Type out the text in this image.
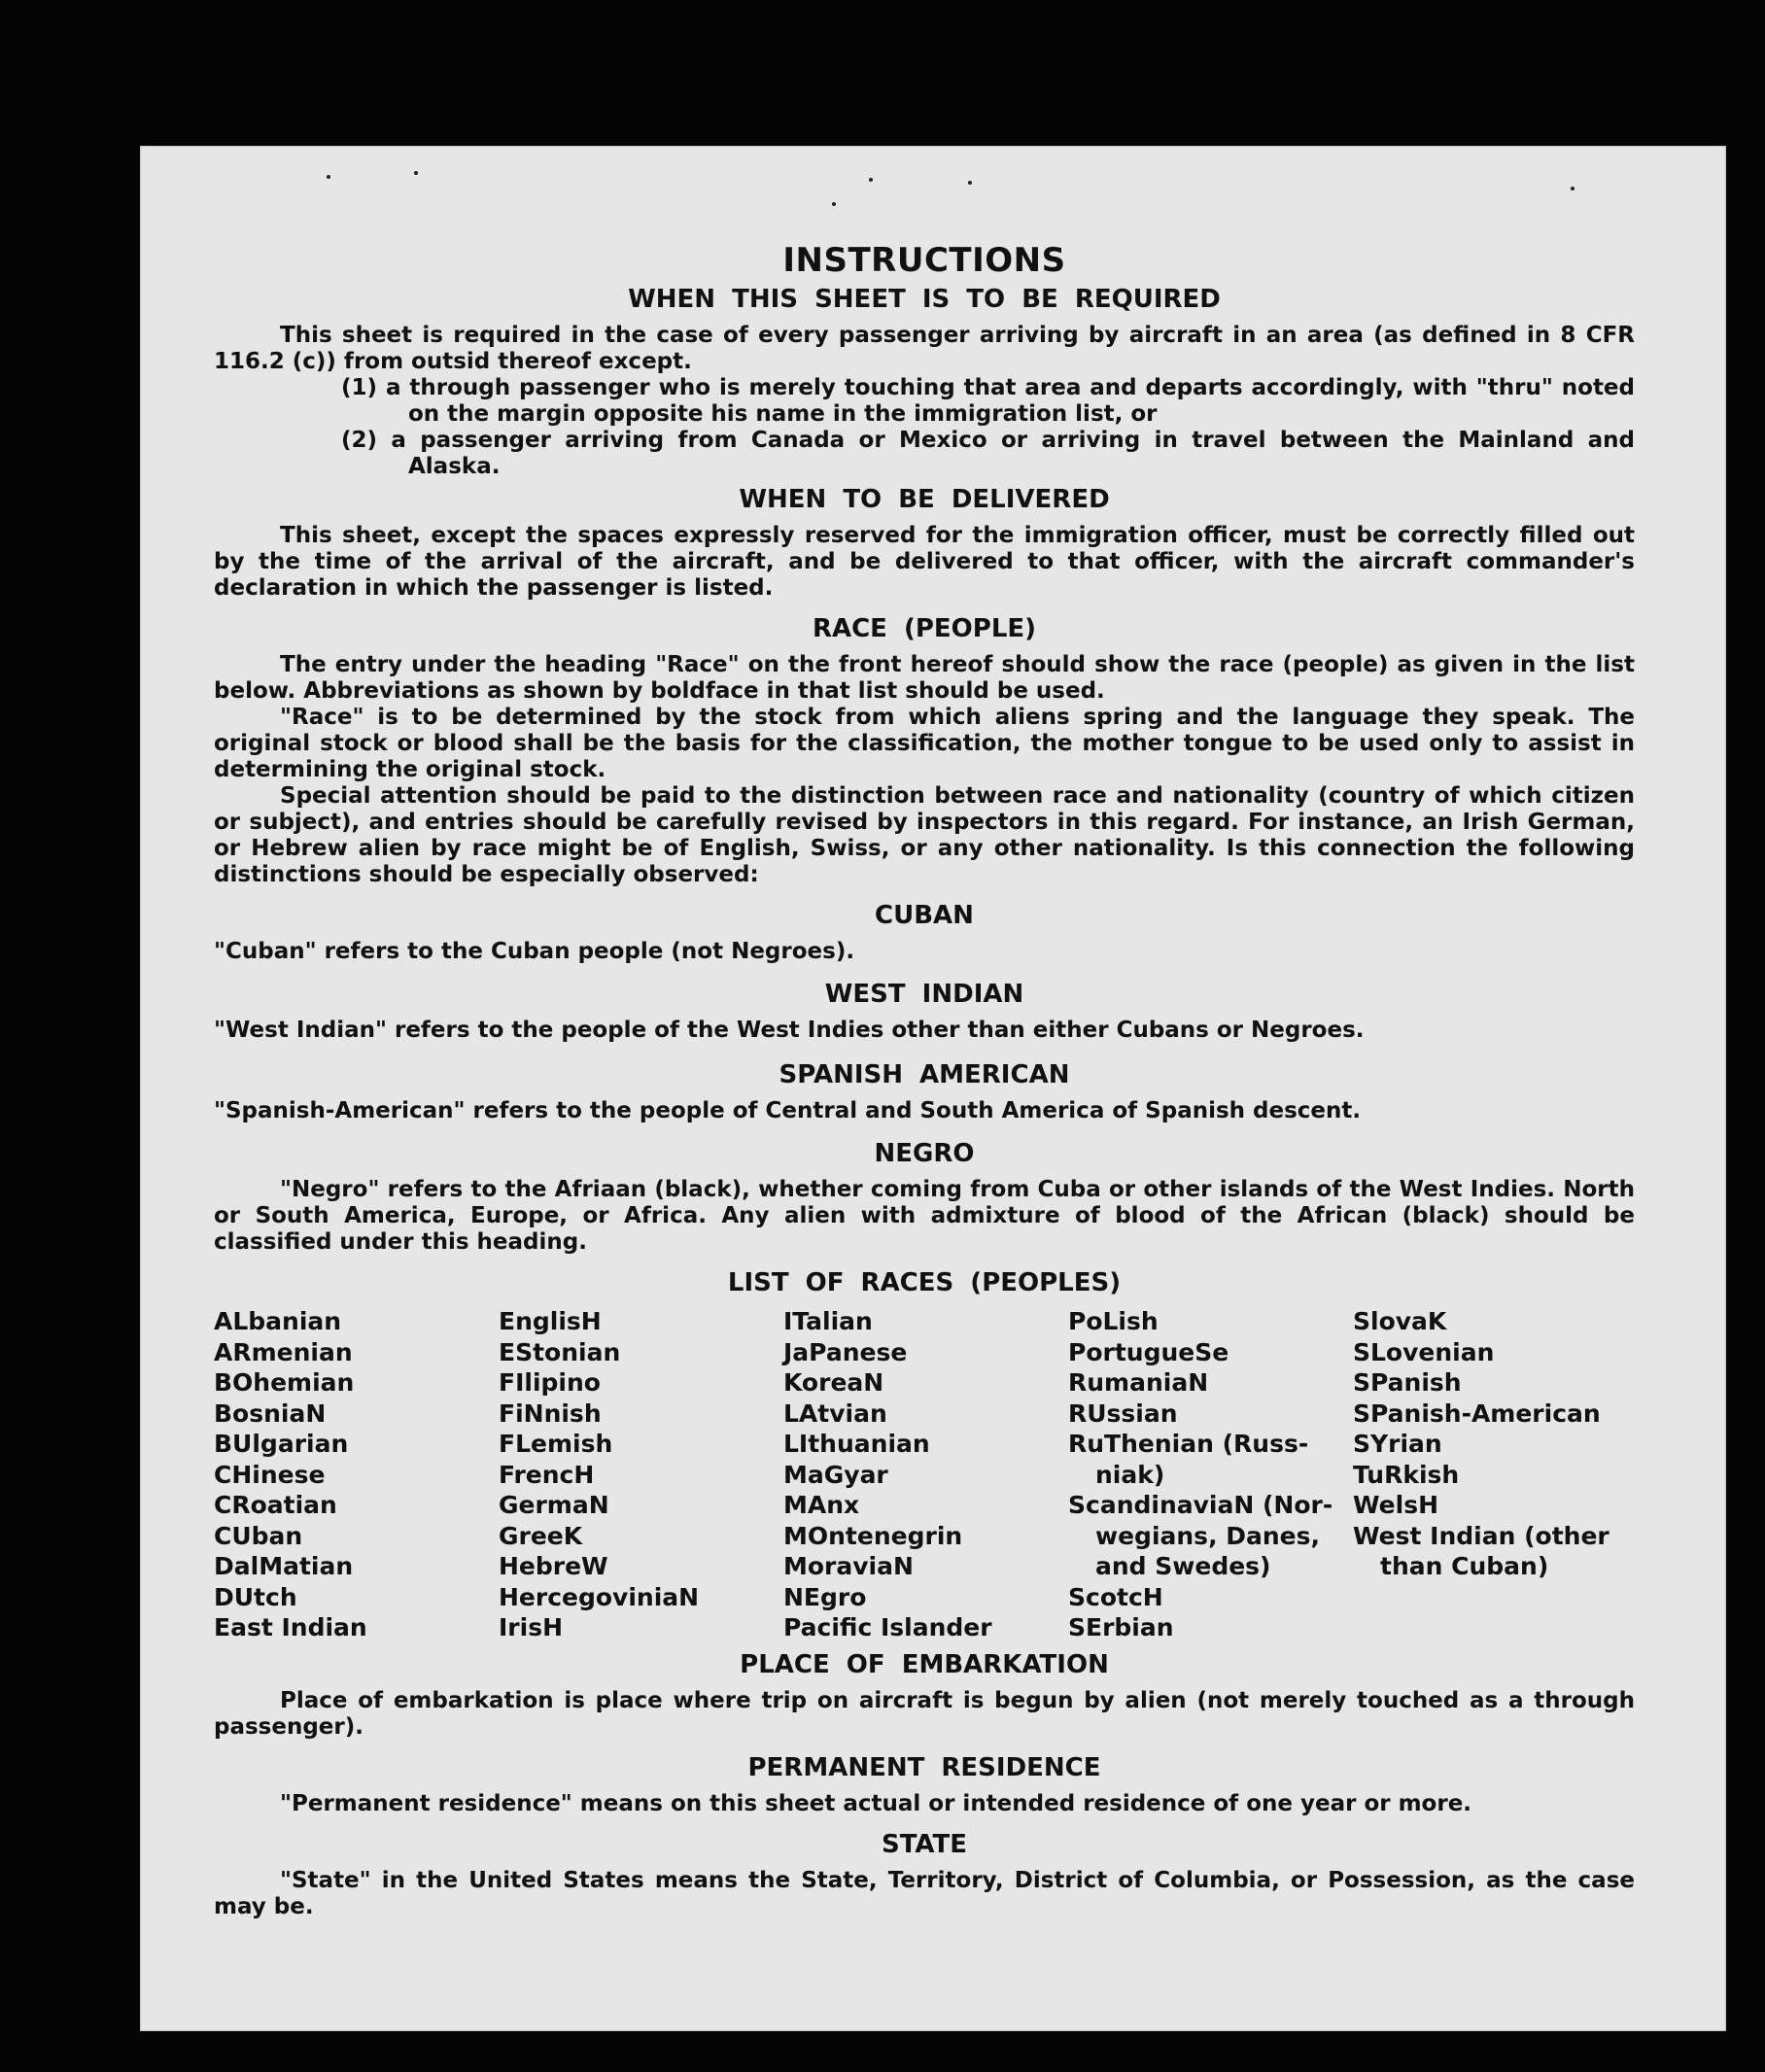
INSTRUCTIONS
WHEN THIS SHEET IS TO BE REQUIRED

This sheet is required in the case of every passenger arriving by aircraft in an area (as defined in 8 CFR 116.2 (c)) from outsid thereof except.

(1) a through passenger who is merely touching that area and departs accordingly, with "thru" noted on the margin opposite his name in the immigration list, or

(2) a passenger arriving from Canada or Mexico or arriving in travel between the Mainland and Alaska.

WHEN TO BE DELIVERED

This sheet, except the spaces expressly reserved for the immigration officer, must be correctly filled out by the time of the arrival of the aircraft, and be delivered to that officer, with the aircraft commander's declaration in which the passenger is listed.

RACE (PEOPLE)

The entry under the heading "Race" on the front hereof should show the race (people) as given in the list below. Abbreviations as shown by boldface in that list should be used.

"Race" is to be determined by the stock from which aliens spring and the language they speak. The original stock or blood shall be the basis for the classification, the mother tongue to be used only to assist in determining the original stock.

Special attention should be paid to the distinction between race and nationality (country of which citizen or subject), and entries should be carefully revised by inspectors in this regard. For instance, an Irish German, or Hebrew alien by race might be of English, Swiss, or any other nationality. Is this connection the following distinctions should be especially observed:

CUBAN

"Cuban" refers to the Cuban people (not Negroes).

WEST INDIAN

"West Indian" refers to the people of the West Indies other than either Cubans or Negroes.

SPANISH AMERICAN

"Spanish-American" refers to the people of Central and South America of Spanish descent.

NEGRO

"Negro" refers to the Afriaan (black), whether coming from Cuba or other islands of the West Indies. North or South America, Europe, or Africa. Any alien with admixture of blood of the African (black) should be classified under this heading.

LIST OF RACES (PEOPLES)
ALbanian
ARmenian
BOhemian
BosniaN
BUlgarian
CHinese
CRoatian
CUban
DalMatian
DUtch
East Indian
EnglisH
EStonian
FIlipino
FiNnish
FLemish
FrencH
GermaN
GreeK
HebreW
HercegoviniaN
IrisH
ITalian
JaPanese
KoreaN
LAtvian
LIthuanian
MaGyar
MAnx
MOntenegrin
MoraviaN
NEgro
Pacific Islander
PoLish
PortugueSe
RumaniaN
RUssian
RuThenian (Russ-
niak)
ScandinaviaN (Nor-
wegians, Danes,
and Swedes)
ScotcH
SErbian
SlovaK
SLovenian
SPanish
SPanish-American
SYrian
TuRkish
WelsH
West Indian (other
than Cuban)
PLACE OF EMBARKATION

Place of embarkation is place where trip on aircraft is begun by alien (not merely touched as a through passenger).

PERMANENT RESIDENCE

"Permanent residence" means on this sheet actual or intended residence of one year or more.

STATE

"State" in the United States means the State, Territory, District of Columbia, or Possession, as the case may be.
